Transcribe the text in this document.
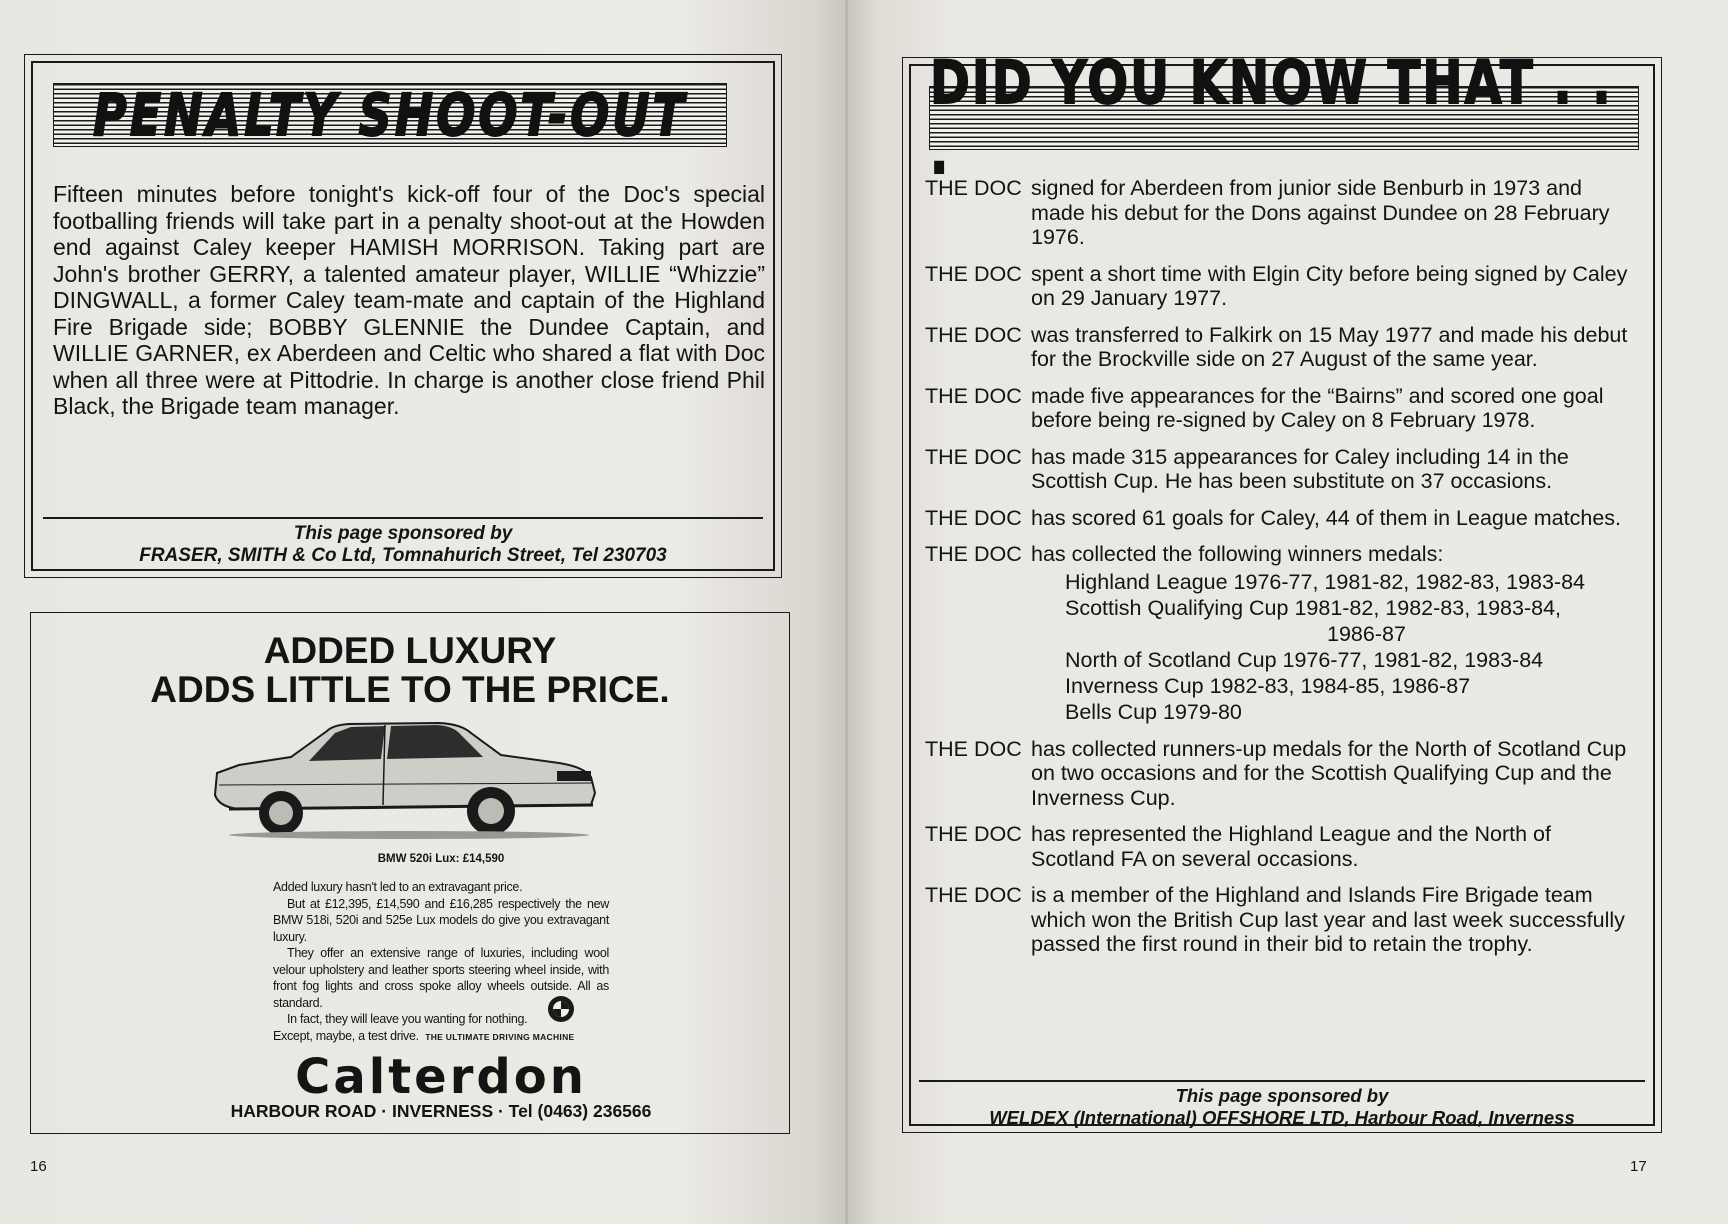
PENALTY SHOOT-OUT
Fifteen minutes before tonight's kick-off four of the Doc's special footballing friends will take part in a penalty shoot-out at the Howden end against Caley keeper HAMISH MORRISON. Taking part are John's brother GERRY, a talented amateur player, WILLIE “Whizzie” DINGWALL, a former Caley team-mate and captain of the Highland Fire Brigade side; BOBBY GLENNIE the Dundee Captain, and WILLIE GARNER, ex Aberdeen and Celtic who shared a flat with Doc when all three were at Pittodrie. In charge is another close friend Phil Black, the Brigade team manager.
This page sponsored by
FRASER, SMITH & Co Ltd, Tomnahurich Street, Tel 230703
ADDED LUXURY
ADDS LITTLE TO THE PRICE.
BMW 520i Lux: £14,590

Added luxury hasn't led to an extravagant price.

But at £12,395, £14,590 and £16,285 respectively the new BMW 518i, 520i and 525e Lux models do give you extravagant luxury.

They offer an extensive range of luxuries, including wool velour upholstery and leather sports steering wheel inside, with front fog lights and cross spoke alloy wheels outside. All as standard.

In fact, they will leave you wanting for nothing.

Except, maybe, a test drive. THE ULTIMATE DRIVING MACHINE

Calterdon
HARBOUR ROAD · INVERNESS · Tel (0463) 236566
16
DID YOU KNOW THAT . . .
THE DOC signed for Aberdeen from junior side Benburb in 1973 and made his debut for the Dons against Dundee on 28 February 1976.
THE DOC spent a short time with Elgin City before being signed by Caley on 29 January 1977.
THE DOC was transferred to Falkirk on 15 May 1977 and made his debut for the Brockville side on 27 August of the same year.
THE DOC made five appearances for the “Bairns” and scored one goal before being re-signed by Caley on 8 February 1978.
THE DOC has made 315 appearances for Caley including 14 in the Scottish Cup. He has been substitute on 37 occasions.
THE DOC has scored 61 goals for Caley, 44 of them in League matches.
THE DOC has collected the following winners medals:
Highland League 1976-77, 1981-82, 1982-83, 1983-84
Scottish Qualifying Cup 1981-82, 1982-83, 1983-84,
1986-87
North of Scotland Cup 1976-77, 1981-82, 1983-84
Inverness Cup 1982-83, 1984-85, 1986-87
Bells Cup 1979-80
THE DOC has collected runners-up medals for the North of Scotland Cup on two occasions and for the Scottish Qualifying Cup and the Inverness Cup.
THE DOC has represented the Highland League and the North of Scotland FA on several occasions.
THE DOC is a member of the Highland and Islands Fire Brigade team which won the British Cup last year and last week successfully passed the first round in their bid to retain the trophy.
This page sponsored by
WELDEX (International) OFFSHORE LTD, Harbour Road, Inverness
17
